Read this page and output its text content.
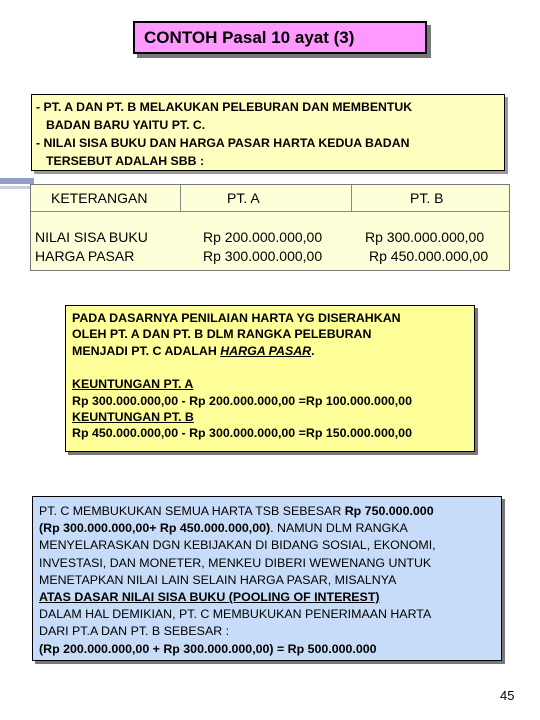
CONTOH Pasal 10 ayat (3)
- PT. A DAN PT. B MELAKUKAN PELEBURAN DAN MEMBENTUK
BADAN BARU YAITU PT. C.
- NILAI SISA BUKU DAN HARGA PASAR HARTA KEDUA BADAN
TERSEBUT ADALAH SBB :
KETERANGAN	PT. A	PT. B
NILAI SISA BUKU
HARGA PASAR
Rp 200.000.000,00
Rp 300.000.000,00
Rp 300.000.000,00
Rp 450.000.000,00
PADA DASARNYA PENILAIAN HARTA YG DISERAHKAN
OLEH PT. A DAN PT. B DLM RANGKA PELEBURAN
MENJADI PT. C ADALAH HARGA PASAR.
KEUNTUNGAN PT. A
Rp 300.000.000,00 - Rp 200.000.000,00 =Rp 100.000.000,00
KEUNTUNGAN PT. B
Rp 450.000.000,00 - Rp 300.000.000,00 =Rp 150.000.000,00
PT. C MEMBUKUKAN SEMUA HARTA TSB SEBESAR Rp 750.000.000
(Rp 300.000.000,00+ Rp 450.000.000,00). NAMUN DLM RANGKA
MENYELARASKAN DGN KEBIJAKAN DI BIDANG SOSIAL, EKONOMI,
INVESTASI, DAN MONETER, MENKEU DIBERI WEWENANG UNTUK
MENETAPKAN NILAI LAIN SELAIN HARGA PASAR, MISALNYA
ATAS DASAR NILAI SISA BUKU (POOLING OF INTEREST)
DALAM HAL DEMIKIAN, PT. C MEMBUKUKAN PENERIMAAN HARTA
DARI PT.A DAN PT. B SEBESAR :
(Rp 200.000.000,00 + Rp 300.000.000,00) = Rp 500.000.000
45
